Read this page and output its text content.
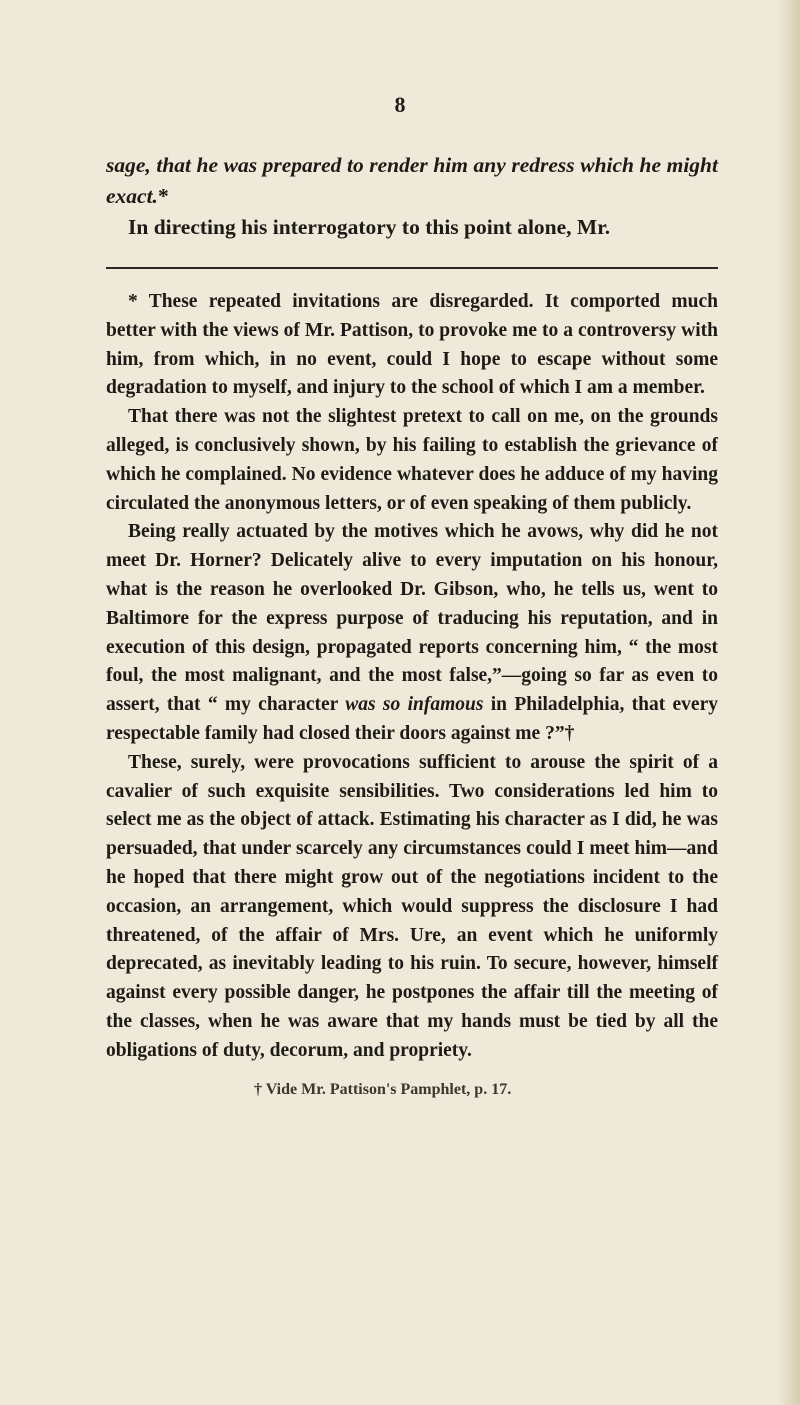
8

sage, that he was prepared to render him any redress which he might exact.*

In directing his interrogatory to this point alone, Mr.

* These repeated invitations are disregarded. It comported much better with the views of Mr. Pattison, to provoke me to a controversy with him, from which, in no event, could I hope to escape without some degradation to myself, and injury to the school of which I am a member.

That there was not the slightest pretext to call on me, on the grounds alleged, is conclusively shown, by his failing to establish the grievance of which he complained. No evidence whatever does he adduce of my having circulated the anonymous letters, or of even speaking of them publicly.

Being really actuated by the motives which he avows, why did he not meet Dr. Horner? Delicately alive to every imputation on his honour, what is the reason he overlooked Dr. Gibson, who, he tells us, went to Baltimore for the express purpose of traducing his reputation, and in execution of this design, propagated reports concerning him, “ the most foul, the most malignant, and the most false,”—going so far as even to assert, that “ my character was so infamous in Philadelphia, that every respectable family had closed their doors against me ?”†

These, surely, were provocations sufficient to arouse the spirit of a cavalier of such exquisite sensibilities. Two considerations led him to select me as the object of attack. Estimating his character as I did, he was persuaded, that under scarcely any circumstances could I meet him—and he hoped that there might grow out of the negotiations incident to the occasion, an arrangement, which would suppress the disclosure I had threatened, of the affair of Mrs. Ure, an event which he uniformly deprecated, as inevitably leading to his ruin. To secure, however, himself against every possible danger, he postpones the affair till the meeting of the classes, when he was aware that my hands must be tied by all the obligations of duty, decorum, and propriety.

† Vide Mr. Pattison's Pamphlet, p. 17.
